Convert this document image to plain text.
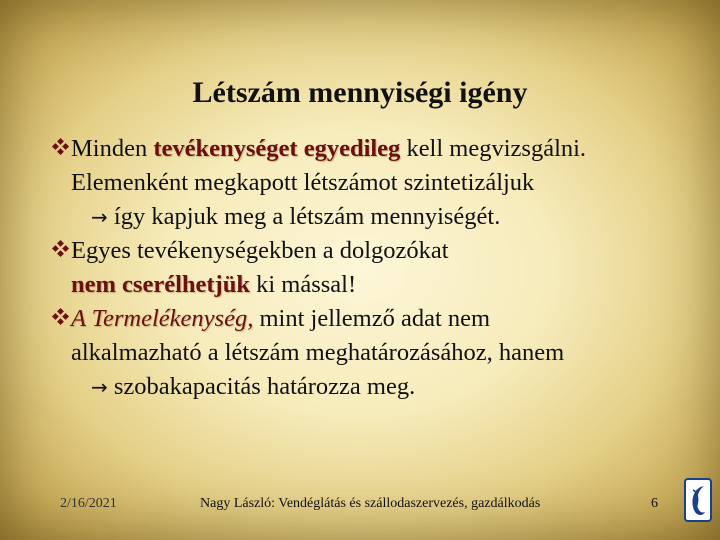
Létszám mennyiségi igény
Minden tevékenységet egyedileg kell megvizsgálni.
Elemenként megkapott létszámot szintetizáljuk
→ így kapjuk meg a létszám mennyiségét.
Egyes tevékenységekben a dolgozókat
nem cserélhetjük ki mással!
A Termelékenység, mint jellemző adat nem
alkalmazható a létszám meghatározásához, hanem
→ szobakapacitás határozza meg.
2/16/2021	Nagy László: Vendéglátás és szállodaszervezés, gazdálkodás	6
